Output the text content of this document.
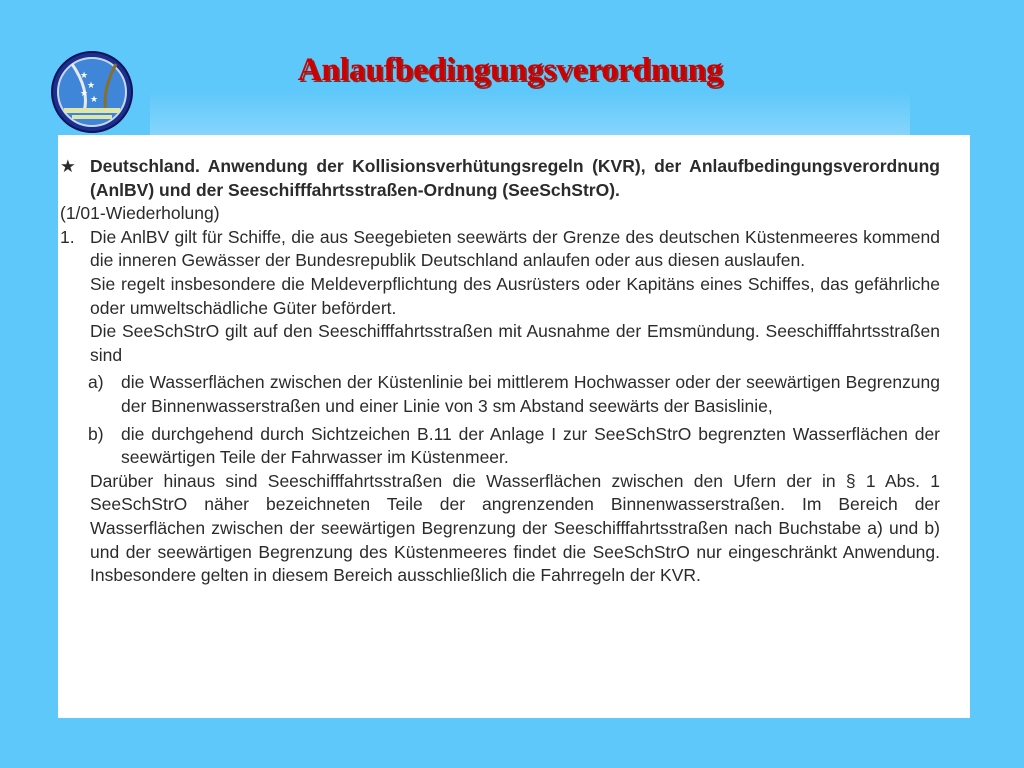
★
★
★
★
Anlaufbedingungsverordnung
★ Deutschland. Anwendung der Kollisionsverhütungsregeln (KVR), der Anlaufbedingungsverordnung (AnlBV) und der Seeschifffahrtsstraßen-Ordnung (SeeSchStrO).
(1/01-Wiederholung)
1. Die AnlBV gilt für Schiffe, die aus Seegebieten seewärts der Grenze des deutschen Küstenmeeres kommend die inneren Gewässer der Bundesrepublik Deutschland anlaufen oder aus diesen auslaufen.
Sie regelt insbesondere die Meldeverpflichtung des Ausrüsters oder Kapitäns eines Schiffes, das gefährliche oder umweltschädliche Güter befördert.
Die SeeSchStrO gilt auf den Seeschifffahrtsstraßen mit Ausnahme der Emsmündung. Seeschifffahrtsstraßen sind
a) die Wasserflächen zwischen der Küstenlinie bei mittlerem Hochwasser oder der seewärtigen Begrenzung der Binnenwasserstraßen und einer Linie von 3 sm Abstand seewärts der Basislinie,
b) die durchgehend durch Sichtzeichen B.11 der Anlage I zur SeeSchStrO begrenzten Wasserflächen der seewärtigen Teile der Fahrwasser im Küstenmeer.
Darüber hinaus sind Seeschifffahrtsstraßen die Wasserflächen zwischen den Ufern der in § 1 Abs. 1 SeeSchStrO näher bezeichneten Teile der angrenzenden Binnenwasserstraßen. Im Bereich der Wasserflächen zwischen der seewärtigen Begrenzung der Seeschifffahrtsstraßen nach Buchstabe a) und b) und der seewärtigen Begrenzung des Küstenmeeres findet die SeeSchStrO nur eingeschränkt Anwendung. Insbesondere gelten in diesem Bereich ausschließlich die Fahrregeln der KVR.
